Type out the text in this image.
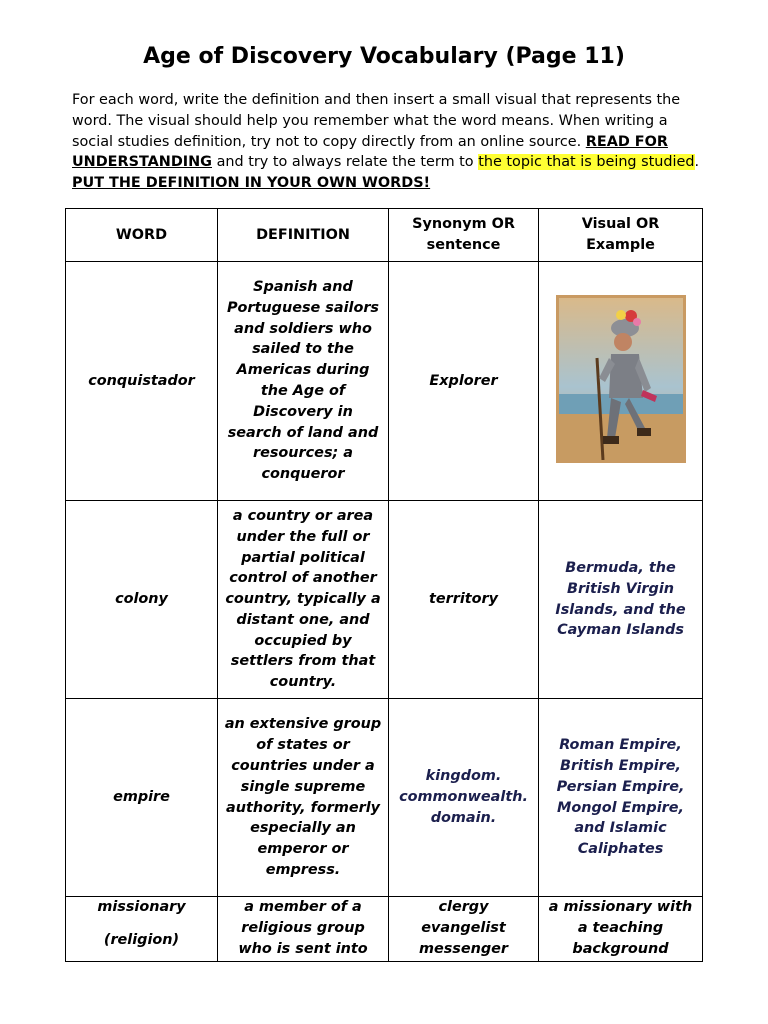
Age of Discovery Vocabulary (Page 11)
For each word, write the definition and then insert a small visual that represents the word. The visual should help you remember what the word means. When writing a social studies definition, try not to copy directly from an online source. READ FOR UNDERSTANDING and try to always relate the term to the topic that is being studied. PUT THE DEFINITION IN YOUR OWN WORDS!
WORD	DEFINITION	Synonym OR sentence	Visual OR Example
conquistador	Spanish and Portuguese sailors and soldiers who sailed to the Americas during the Age of Discovery in search of land and resources; a conqueror	Explorer	
colony	a country or area under the full or partial political control of another country, typically a distant one, and occupied by settlers from that country.	territory	Bermuda, the British Virgin Islands, and the Cayman Islands
empire	an extensive group of states or countries under a single supreme authority, formerly especially an emperor or empress.	kingdom. commonwealth. domain.	Roman Empire, British Empire, Persian Empire, Mongol Empire, and Islamic Caliphates

missionary
(religion)	a member of a religious group who is sent into	clergy evangelist messenger	a missionary with a teaching background
